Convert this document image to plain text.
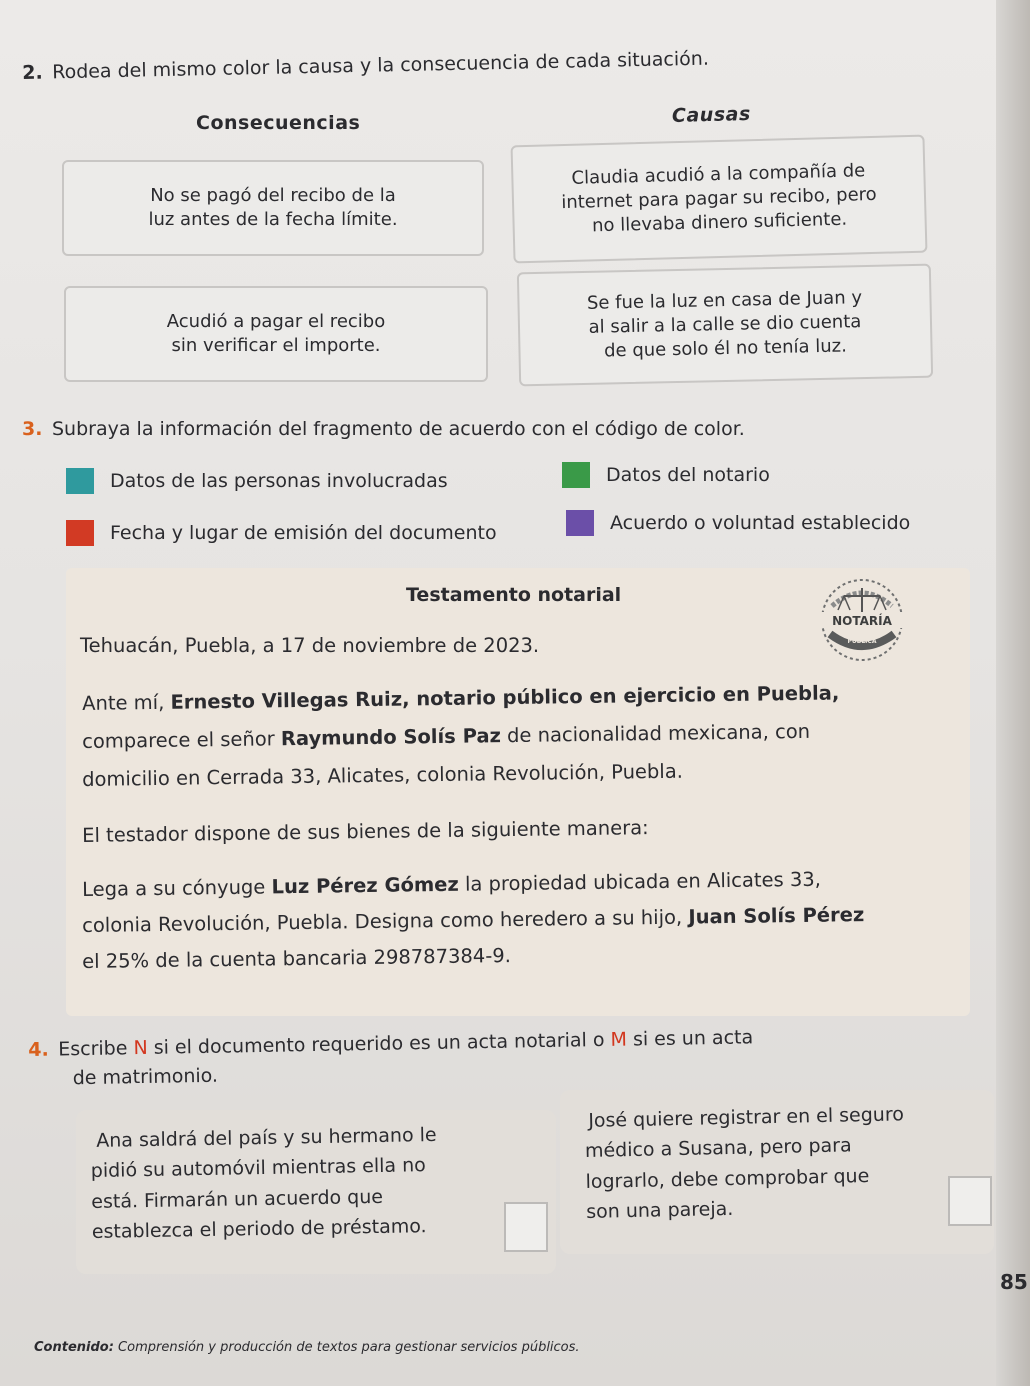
2. Rodea del mismo color la causa y la consecuencia de cada situación.
Consecuencias	Causas
No se pagó del recibo de la
luz antes de la fecha límite.
Claudia acudió a la compañía de
internet para pagar su recibo, pero
no llevaba dinero suficiente.
Acudió a pagar el recibo
sin verificar el importe.
Se fue la luz en casa de Juan y
al salir a la calle se dio cuenta
de que solo él no tenía luz.
3. Subraya la información del fragmento de acuerdo con el código de color.
Datos de las personas involucradas	Datos del notario
Fecha y lugar de emisión del documento	Acuerdo o voluntad establecido
Testamento notarial
NOTARÍA
PÚBLICA
Tehuacán, Puebla, a 17 de noviembre de 2023.
Ante mí, Ernesto Villegas Ruiz, notario público en ejercicio en Puebla,
comparece el señor Raymundo Solís Paz de nacionalidad mexicana, con
domicilio en Cerrada 33, Alicates, colonia Revolución, Puebla.
El testador dispone de sus bienes de la siguiente manera:
Lega a su cónyuge Luz Pérez Gómez la propiedad ubicada en Alicates 33,
colonia Revolución, Puebla. Designa como heredero a su hijo, Juan Solís Pérez
el 25% de la cuenta bancaria 298787384-9.
4. Escribe N si el documento requerido es un acta notarial o M si es un acta
de matrimonio.
Ana saldrá del país y su hermano le
pidió su automóvil mientras ella no
está. Firmarán un acuerdo que
establezca el periodo de préstamo.
José quiere registrar en el seguro
médico a Susana, pero para
lograrlo, debe comprobar que
son una pareja.
85
Contenido: Comprensión y producción de textos para gestionar servicios públicos.
